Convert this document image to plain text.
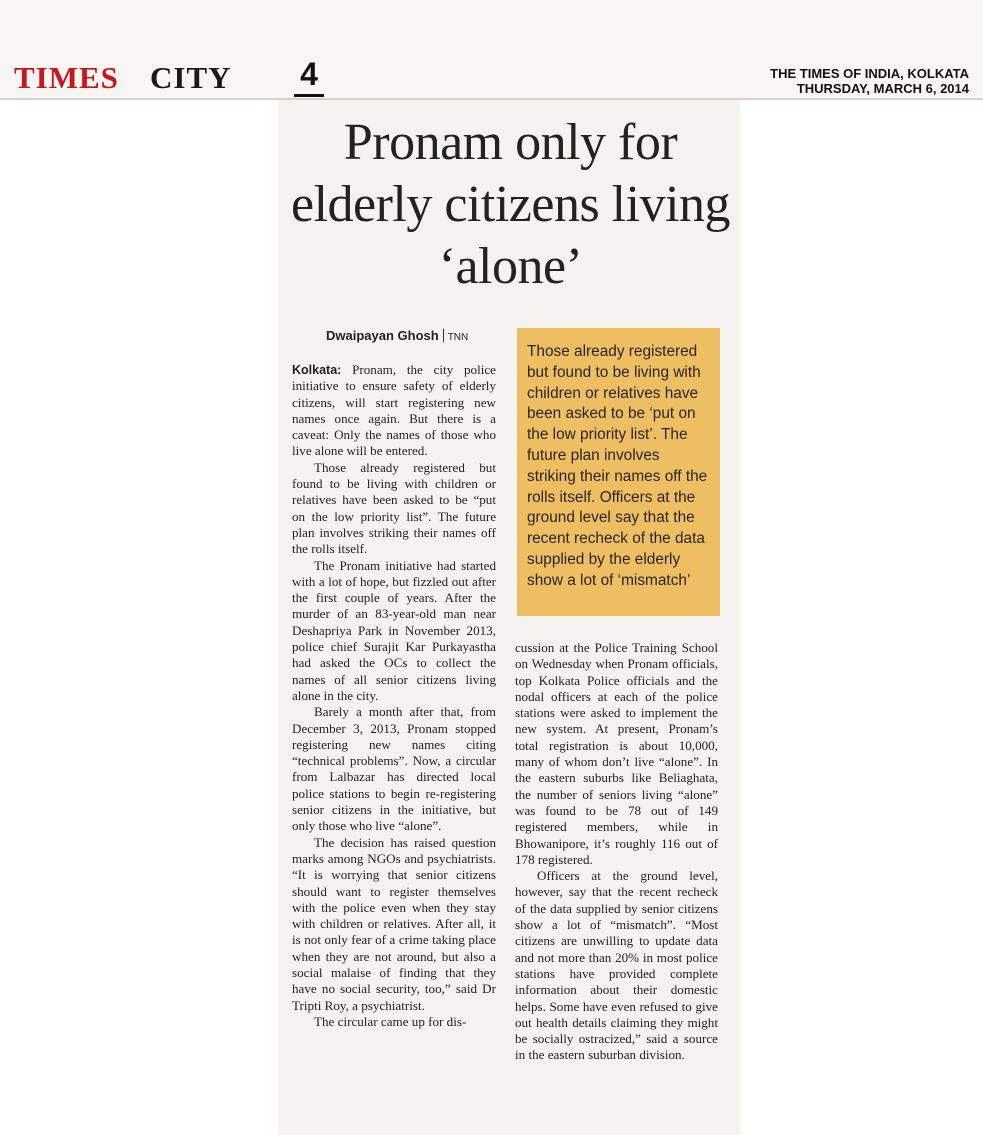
TIMES CITY 4	THE TIMES OF INDIA, KOLKATA
THURSDAY, MARCH 6, 2014
Pronam only for elderly citizens living ‘alone’
Dwaipayan Ghosh TNN

Kolkata: Pronam, the city police initiative to ensure safety of elderly citizens, will start registering new names once again. But there is a caveat: Only the names of those who live alone will be entered.

Those already registered but found to be living with children or relatives have been asked to be “put on the low priority list”. The future plan involves striking their names off the rolls itself.

The Pronam initiative had started with a lot of hope, but fizzled out after the first couple of years. After the murder of an 83-year-old man near Deshapriya Park in November 2013, police chief Surajit Kar Purkayastha had asked the OCs to collect the names of all senior citizens living alone in the city.

Barely a month after that, from December 3, 2013, Pronam stopped registering new names citing “technical problems”. Now, a circular from Lalbazar has directed local police stations to begin re-registering senior citizens in the initiative, but only those who live “alone”.

The decision has raised question marks among NGOs and psychiatrists. “It is worrying that senior citizens should want to register themselves with the police even when they stay with children or relatives. After all, it is not only fear of a crime taking place when they are not around, but also a social malaise of finding that they have no social security, too,” said Dr Tripti Roy, a psychiatrist.

The circular came up for dis-

Those already registered but found to be living with children or relatives have been asked to be ‘put on the low priority list’. The future plan involves striking their names off the rolls itself. Officers at the ground level say that the recent recheck of the data supplied by the elderly show a lot of ‘mismatch’

cussion at the Police Training School on Wednesday when Pronam officials, top Kolkata Police officials and the nodal officers at each of the police stations were asked to implement the new system. At present, Pronam’s total registration is about 10,000, many of whom don’t live “alone”. In the eastern suburbs like Beliaghata, the number of seniors living “alone” was found to be 78 out of 149 registered members, while in Bhowanipore, it’s roughly 116 out of 178 registered.

Officers at the ground level, however, say that the recent recheck of the data supplied by senior citizens show a lot of “mismatch”. “Most citizens are unwilling to update data and not more than 20% in most police stations have provided complete information about their domestic helps. Some have even refused to give out health details claiming they might be socially ostracized,” said a source in the eastern suburban division.
